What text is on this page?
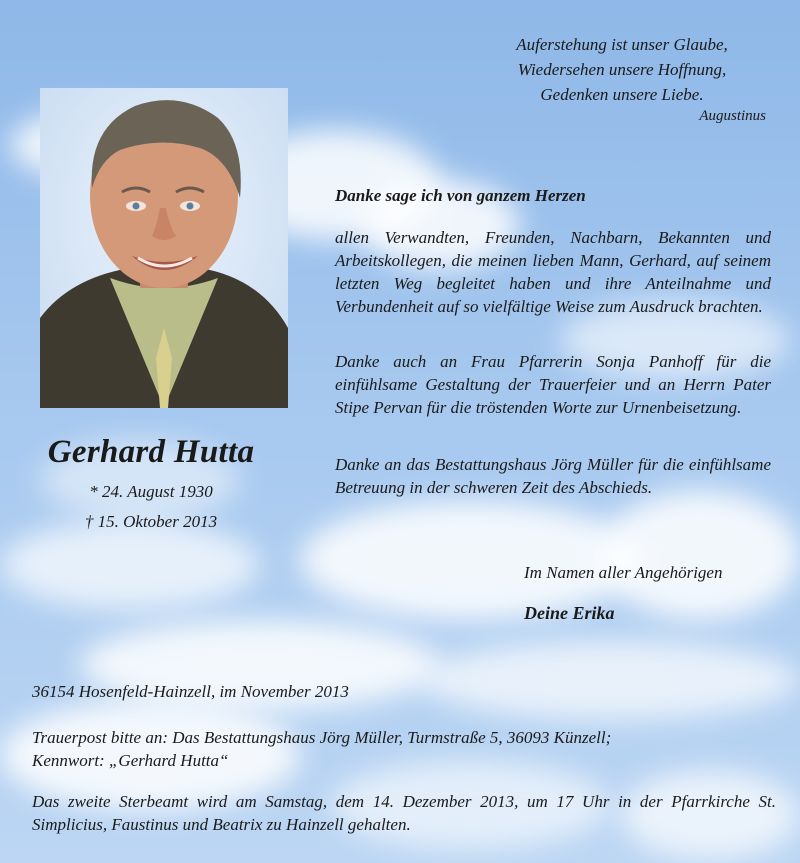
Auferstehung ist unser Glaube,
Wiedersehen unsere Hoffnung,
Gedenken unsere Liebe.
Augustinus
Gerhard Hutta
* 24. August 1930
† 15. Oktober 2013
Danke sage ich von ganzem Herzen
allen Verwandten, Freunden, Nachbarn, Bekannten und Arbeitskollegen, die meinen lieben Mann, Gerhard, auf seinem letzten Weg begleitet haben und ihre Anteilnahme und Verbundenheit auf so vielfältige Weise zum Ausdruck brachten.
Danke auch an Frau Pfarrerin Sonja Panhoff für die einfühlsame Gestaltung der Trauerfeier und an Herrn Pater Stipe Pervan für die tröstenden Worte zur Urnenbeisetzung.
Danke an das Bestattungshaus Jörg Müller für die einfühlsame Betreuung in der schweren Zeit des Abschieds.
Im Namen aller Angehörigen
Deine Erika
36154 Hosenfeld-Hainzell, im November 2013
Trauerpost bitte an: Das Bestattungshaus Jörg Müller, Turmstraße 5, 36093 Künzell;
Kennwort: „Gerhard Hutta“
Das zweite Sterbeamt wird am Samstag, dem 14. Dezember 2013, um 17 Uhr in der Pfarrkirche St. Simplicius, Faustinus und Beatrix zu Hainzell gehalten.
